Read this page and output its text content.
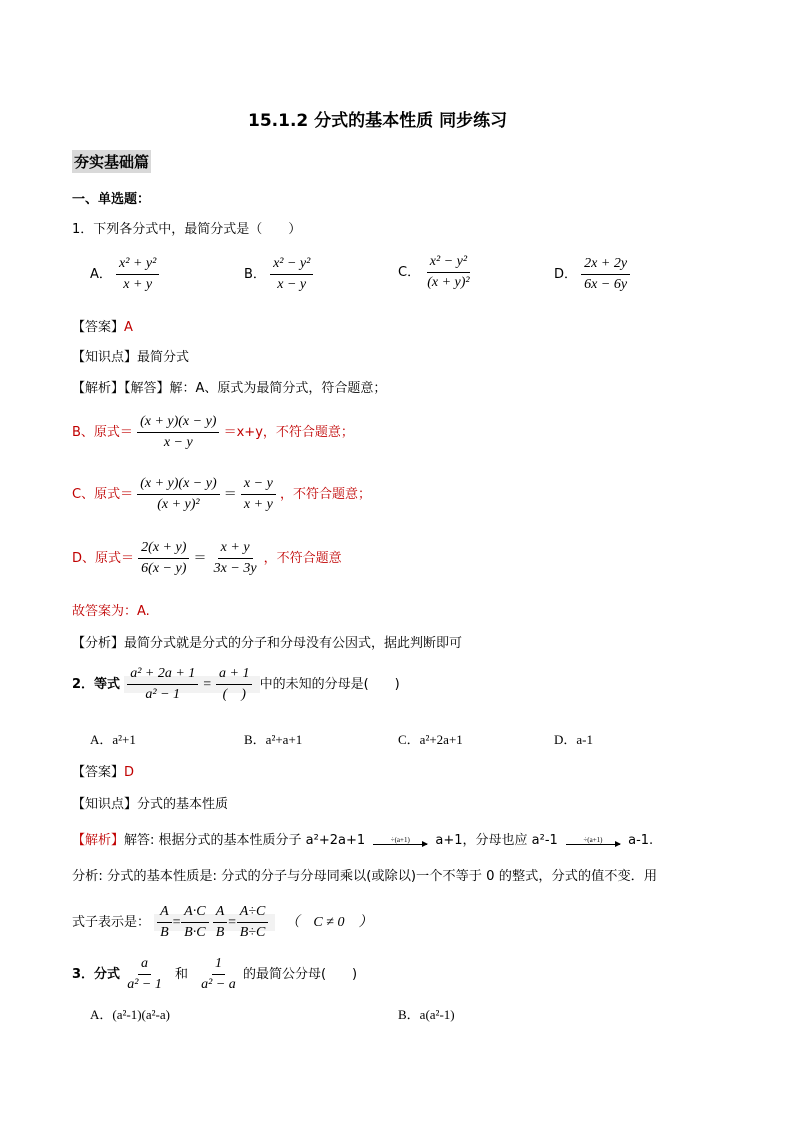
15.1.2 分式的基本性质 同步练习
夯实基础篇
一、单选题：
1．下列各分式中，最简分式是（　　）
A． $\frac{\text{x² + y²}}{x + y}$	B． $\frac{\text{x² − y²}}{x - y}$	C． $\frac{\text{x² − y²}}{\text{(x + y)²}}$	D． $\frac{2x + 2y}{6x - 6y}$
【答案】A
【知识点】最简分式
【解析】【解答】解：A、原式为最简分式，符合题意；
B、原式＝ $\frac{(x + y)(x - y)}{x - y} =x+y$，不符合题意；
C、原式＝ $\frac{(x + y)(x - y)}{\text{(x + y)²}} = \frac{x - y}{x + y}$ ，不符合题意；
D、原式＝ $\frac{2(x + y)}{6(x - y)} = \frac{x + y}{3x - 3y}$ ，不符合题意
故答案为：A.
【分析】最简分式就是分式的分子和分母没有公因式，据此判断即可
2．等式 $\frac{\text{a² + 2a + 1}}{\text{a² − 1}} = \frac{a + 1}{( )}$ 中的未知的分母是(　　)
A．a²+1	B．a²+a+1	C．a²+2a+1	D．a-1
【答案】D
【知识点】分式的基本性质
【解析】解答: 根据分式的基本性质分子 a²+2a+1	÷(a+1) a+1，分母也应 a²-1	÷(a+1) a-1.
分析: 分式的基本性质是: 分式的分子与分母同乘以(或除以)一个不等于 0 的整式，分式的值不变．用
式子表示是： $\frac{A}{B} = \frac{A\cdot C}{B\cdot C}$
$\frac{A}{B} = \frac{A\div C}{B\div C}$ （　C ≠ 0　）
3．分式 $\frac{a}{\text{a² − 1}}$ 和 $\frac{1}{\text{a² − a}}$ 的最简公分母(　　)
A．(a²-1)(a²-a)	B．a(a²-1)
